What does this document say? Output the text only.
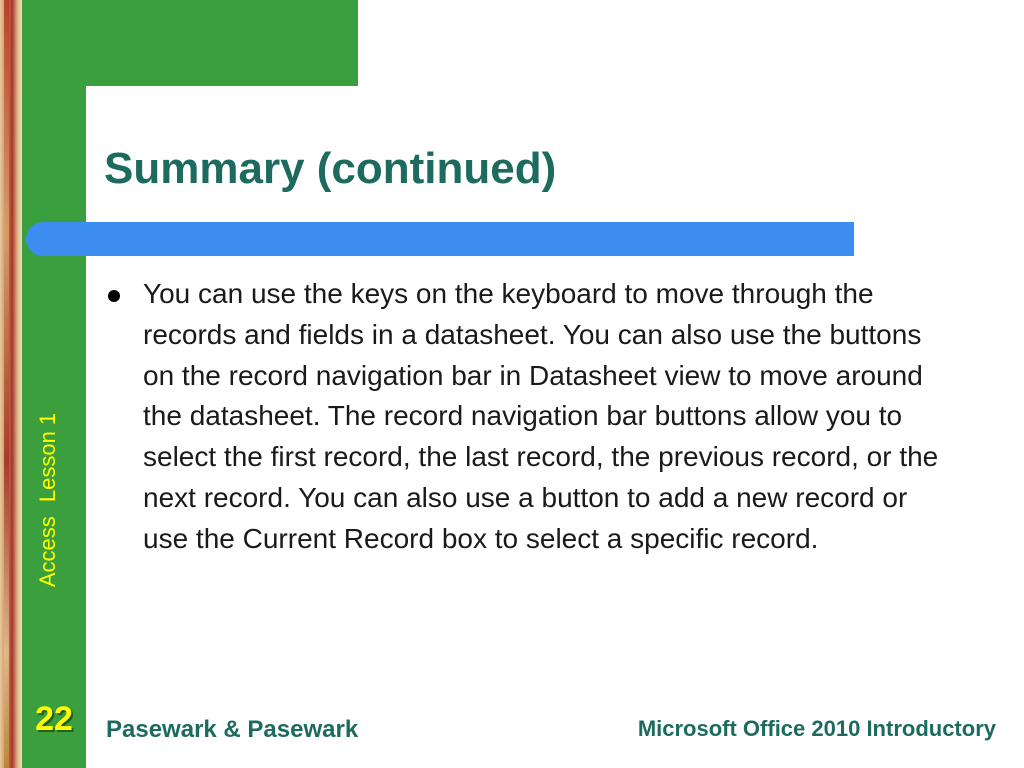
Summary (continued)

You can use the keys on the keyboard to move through the records and fields in a datasheet. You can also use the buttons on the record navigation bar in Datasheet view to move around the datasheet. The record navigation bar buttons allow you to select the first record, the last record, the previous record, or the next record. You can also use a button to add a new record or use the Current Record box to select a specific record.

Access Lesson 1
22	Pasewark & Pasewark	Microsoft Office 2010 Introductory
